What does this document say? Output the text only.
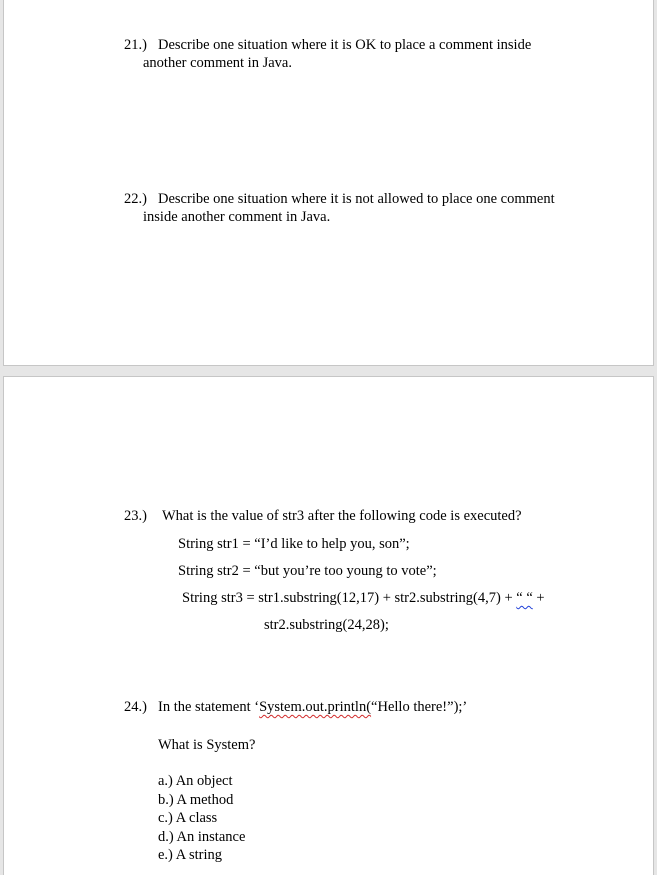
21.) Describe one situation where it is OK to place a comment inside
another comment in Java.
22.) Describe one situation where it is not allowed to place one comment
inside another comment in Java.
23.) What is the value of str3 after the following code is executed?
String str1 = “I’d like to help you, son”;
String str2 = “but you’re too young to vote”;
String str3 = str1.substring(12,17) + str2.substring(4,7) + “ “ +
str2.substring(24,28);
24.) In the statement ‘System.out.println(“Hello there!”);’
What is System?
a.) An object
b.) A method
c.) A class
d.) An instance
e.) A string
